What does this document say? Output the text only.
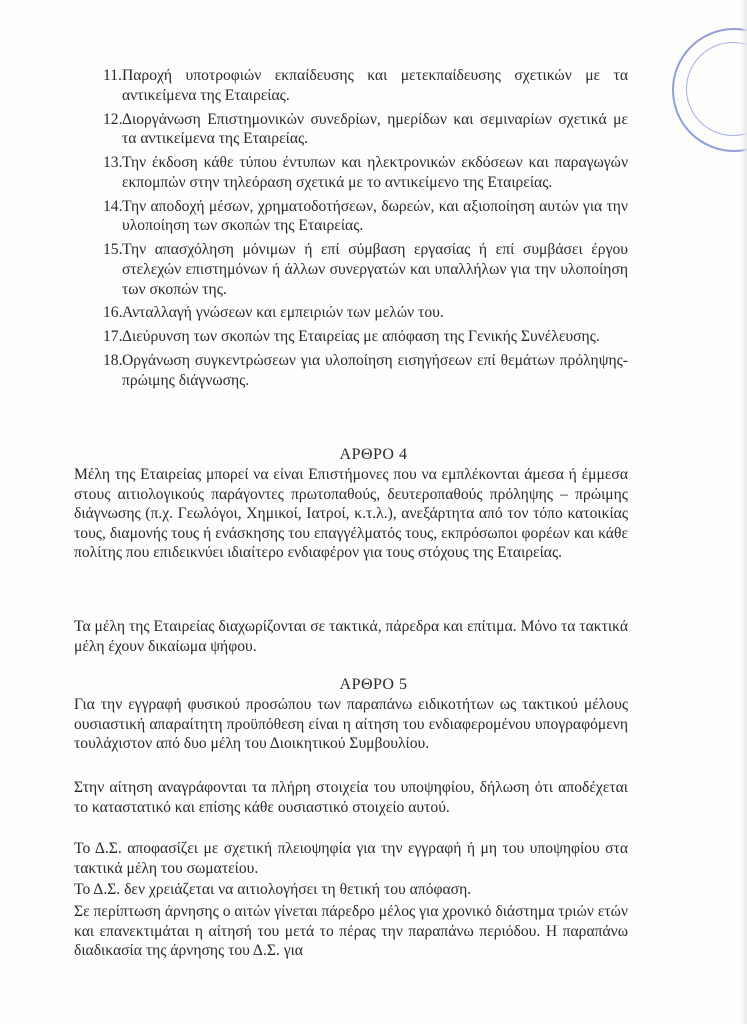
11. Παροχή υποτροφιών εκπαίδευσης και μετεκπαίδευσης σχετικών με τα αντικείμενα της Εταιρείας.
12. Διοργάνωση Επιστημονικών συνεδρίων, ημερίδων και σεμιναρίων σχετικά με τα αντικείμενα της Εταιρείας.
13. Την έκδοση κάθε τύπου έντυπων και ηλεκτρονικών εκδόσεων και παραγωγών εκπομπών στην τηλεόραση σχετικά με το αντικείμενο της Εταιρείας.
14. Την αποδοχή μέσων, χρηματοδοτήσεων, δωρεών, και αξιοποίηση αυτών για την υλοποίηση των σκοπών της Εταιρείας.
15. Την απασχόληση μόνιμων ή επί σύμβαση εργασίας ή επί συμβάσει έργου στελεχών επιστημόνων ή άλλων συνεργατών και υπαλλήλων για την υλοποίηση των σκοπών της.
16. Ανταλλαγή γνώσεων και εμπειριών των μελών του.
17. Διεύρυνση των σκοπών της Εταιρείας με απόφαση της Γενικής Συνέλευσης.
18. Οργάνωση συγκεντρώσεων για υλοποίηση εισηγήσεων επί θεμάτων πρόληψης- πρώιμης διάγνωσης.
ΑΡΘΡΟ 4

Μέλη της Εταιρείας μπορεί να είναι Επιστήμονες που να εμπλέκονται άμεσα ή έμμεσα στους αιτιολογικούς παράγοντες πρωτοπαθούς, δευτεροπαθούς πρόληψης – πρώιμης διάγνωσης (π.χ. Γεωλόγοι, Χημικοί, Ιατροί, κ.τ.λ.), ανεξάρτητα από τον τόπο κατοικίας τους, διαμονής τους ή ενάσκησης του επαγγέλματός τους, εκπρόσωποι φορέων και κάθε πολίτης που επιδεικνύει ιδιαίτερο ενδιαφέρον για τους στόχους της Εταιρείας.

Τα μέλη της Εταιρείας διαχωρίζονται σε τακτικά, πάρεδρα και επίτιμα. Μόνο τα τακτικά μέλη έχουν δικαίωμα ψήφου.

ΑΡΘΡΟ 5

Για την εγγραφή φυσικού προσώπου των παραπάνω ειδικοτήτων ως τακτικού μέλους ουσιαστική απαραίτητη προϋπόθεση είναι η αίτηση του ενδιαφερομένου υπογραφόμενη τουλάχιστον από δυο μέλη του Διοικητικού Συμβουλίου.

Στην αίτηση αναγράφονται τα πλήρη στοιχεία του υποψηφίου, δήλωση ότι αποδέχεται το καταστατικό και επίσης κάθε ουσιαστικό στοιχείο αυτού.

Το Δ.Σ. αποφασίζει με σχετική πλειοψηφία για την εγγραφή ή μη του υποψηφίου στα τακτικά μέλη του σωματείου.

Το Δ.Σ. δεν χρειάζεται να αιτιολογήσει τη θετική του απόφαση.

Σε περίπτωση άρνησης ο αιτών γίνεται πάρεδρο μέλος για χρονικό διάστημα τριών ετών και επανεκτιμάται η αίτησή του μετά το πέρας την παραπάνω περιόδου. Η παραπάνω διαδικασία της άρνησης του Δ.Σ. για
